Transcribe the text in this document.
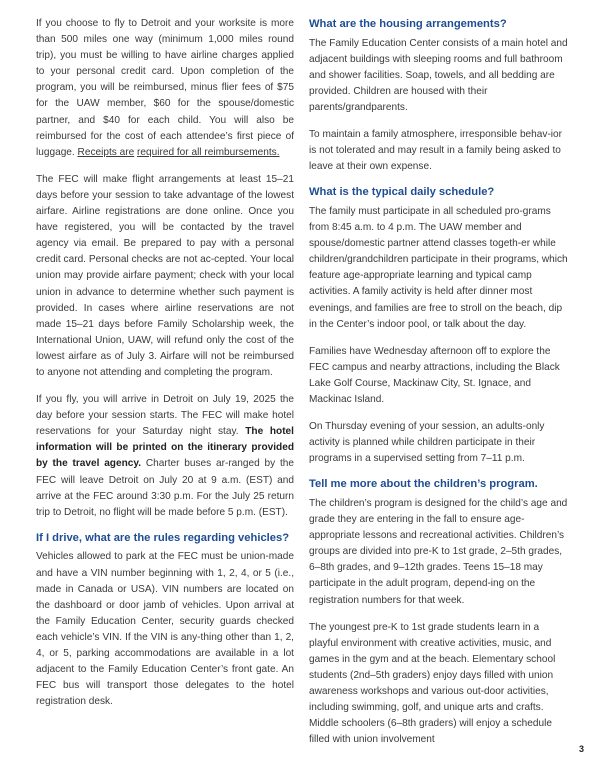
If you choose to fly to Detroit and your worksite is more than 500 miles one way (minimum 1,000 miles round trip), you must be willing to have airline charges applied to your personal credit card. Upon completion of the program, you will be reimbursed, minus flier fees of $75 for the UAW member, $60 for the spouse/domestic partner, and $40 for each child. You will also be reimbursed for the cost of each attendee’s first piece of luggage. Receipts are required for all reimbursements.

The FEC will make flight arrangements at least 15–21 days before your session to take advantage of the lowest airfare. Airline registrations are done online. Once you have registered, you will be contacted by the travel agency via email. Be prepared to pay with a personal credit card. Personal checks are not ac-cepted. Your local union may provide airfare payment; check with your local union in advance to determine whether such payment is provided. In cases where airline reservations are not made 15–21 days before Family Scholarship week, the International Union, UAW, will refund only the cost of the lowest airfare as of July 3. Airfare will not be reimbursed to anyone not attending and completing the program.

If you fly, you will arrive in Detroit on July 19, 2025 the day before your session starts. The FEC will make hotel reservations for your Saturday night stay. The hotel information will be printed on the itinerary provided by the travel agency. Charter buses ar-ranged by the FEC will leave Detroit on July 20 at 9 a.m. (EST) and arrive at the FEC around 3:30 p.m. For the July 25 return trip to Detroit, no flight will be made before 5 p.m. (EST).

If I drive, what are the rules regarding vehicles?

Vehicles allowed to park at the FEC must be union-made and have a VIN number beginning with 1, 2, 4, or 5 (i.e., made in Canada or USA). VIN numbers are located on the dashboard or door jamb of vehicles. Upon arrival at the Family Education Center, security guards checked each vehicle’s VIN. If the VIN is any-thing other than 1, 2, 4, or 5, parking accommodations are available in a lot adjacent to the Family Education Center’s front gate. An FEC bus will transport those delegates to the hotel registration desk.

What are the housing arrangements?

The Family Education Center consists of a main hotel and adjacent buildings with sleeping rooms and full bathroom and shower facilities. Soap, towels, and all bedding are provided. Children are housed with their parents/grandparents.

To maintain a family atmosphere, irresponsible behav-ior is not tolerated and may result in a family being asked to leave at their own expense.

What is the typical daily schedule?

The family must participate in all scheduled pro-grams from 8:45 a.m. to 4 p.m. The UAW member and spouse/domestic partner attend classes togeth-er while children/grandchildren participate in their programs, which feature age-appropriate learning and typical camp activities. A family activity is held after dinner most evenings, and families are free to stroll on the beach, dip in the Center’s indoor pool, or talk about the day.

Families have Wednesday afternoon off to explore the FEC campus and nearby attractions, including the Black Lake Golf Course, Mackinaw City, St. Ignace, and Mackinac Island.

On Thursday evening of your session, an adults-only activity is planned while children participate in their programs in a supervised setting from 7–11 p.m.

Tell me more about the children’s program.

The children’s program is designed for the child’s age and grade they are entering in the fall to ensure age-appropriate lessons and recreational activities. Children’s groups are divided into pre-K to 1st grade, 2–5th grades, 6–8th grades, and 9–12th grades. Teens 15–18 may participate in the adult program, depend-ing on the registration numbers for that week.

The youngest pre-K to 1st grade students learn in a playful environment with creative activities, music, and games in the gym and at the beach. Elementary school students (2nd–5th graders) enjoy days filled with union awareness workshops and various out-door activities, including swimming, golf, and unique arts and crafts. Middle schoolers (6–8th graders) will enjoy a schedule filled with union involvement

3
